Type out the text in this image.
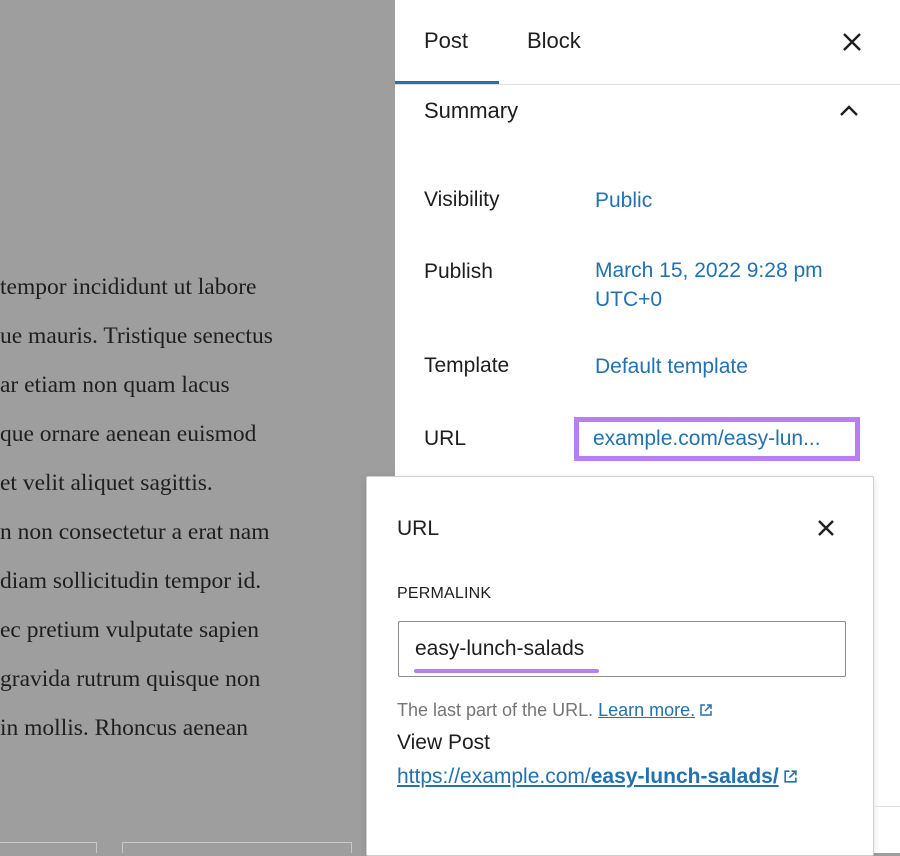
tempor incididunt ut labore
ue mauris. Tristique senectus
ar etiam non quam lacus
que ornare aenean euismod
et velit aliquet sagittis.
n non consectetur a erat nam
diam sollicitudin tempor id.
ec pretium vulputate sapien
gravida rutrum quisque non
in mollis. Rhoncus aenean
Post	Block
Summary
Visibility	Public
Publish	March 15, 2022 9:28 pm
UTC+0
Template	Default template
URL	example.com/easy-lun...
URL
PERMALINK
easy-lunch-salads
The last part of the URL. Learn more.
View Post
https://example.com/easy-lunch-salads/
